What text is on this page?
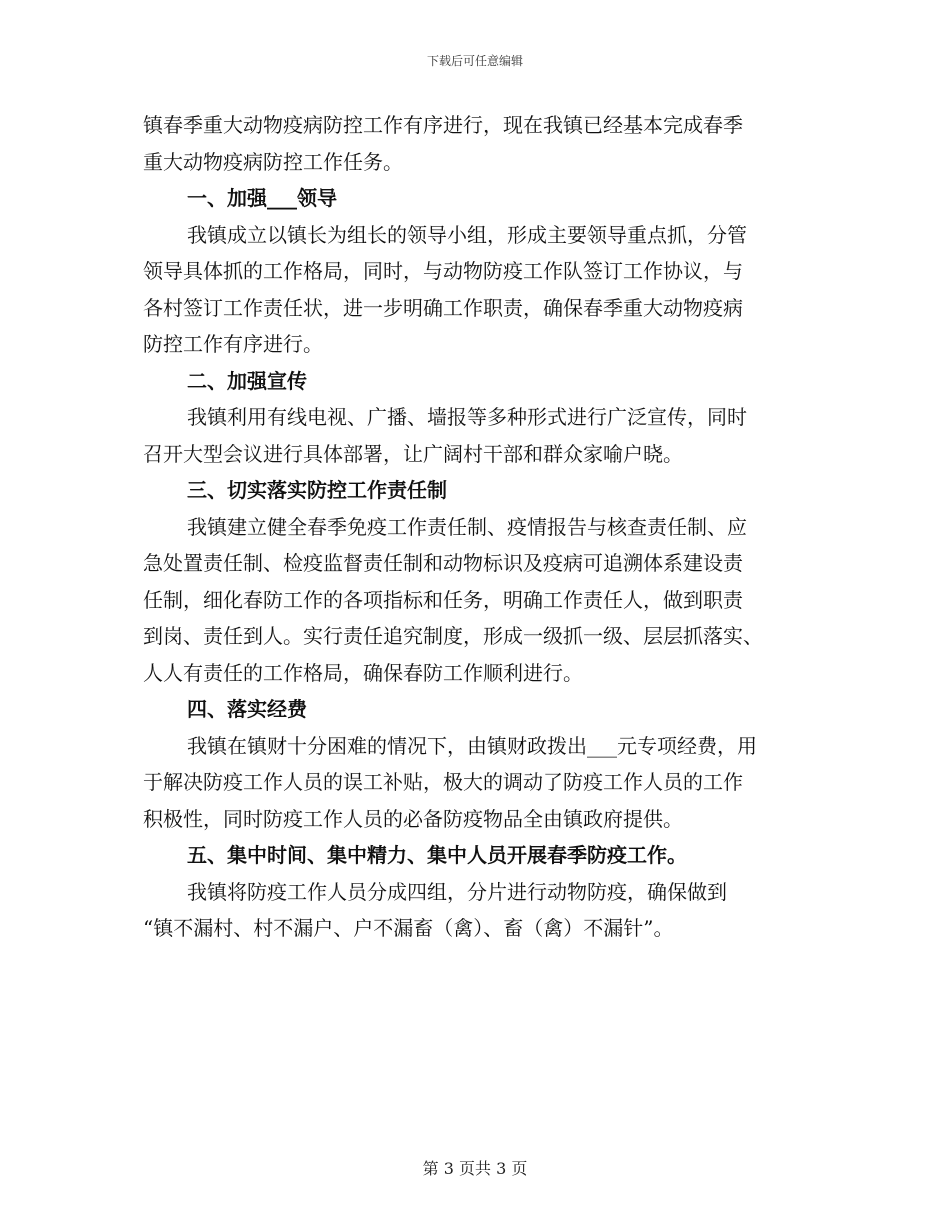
下载后可任意编辑
镇春季重大动物疫病防控工作有序进行，现在我镇已经基本完成春季
重大动物疫病防控工作任务。
一、加强___领导
我镇成立以镇长为组长的领导小组，形成主要领导重点抓，分管
领导具体抓的工作格局，同时，与动物防疫工作队签订工作协议，与
各村签订工作责任状，进一步明确工作职责，确保春季重大动物疫病
防控工作有序进行。
二、加强宣传
我镇利用有线电视、广播、墙报等多种形式进行广泛宣传，同时
召开大型会议进行具体部署，让广阔村干部和群众家喻户晓。
三、切实落实防控工作责任制
我镇建立健全春季免疫工作责任制、疫情报告与核查责任制、应
急处置责任制、检疫监督责任制和动物标识及疫病可追溯体系建设责
任制，细化春防工作的各项指标和任务，明确工作责任人，做到职责
到岗、责任到人。实行责任追究制度，形成一级抓一级、层层抓落实、
人人有责任的工作格局，确保春防工作顺利进行。
四、落实经费
我镇在镇财十分困难的情况下，由镇财政拨出___元专项经费，用
于解决防疫工作人员的误工补贴，极大的调动了防疫工作人员的工作
积极性，同时防疫工作人员的必备防疫物品全由镇政府提供。
五、集中时间、集中精力、集中人员开展春季防疫工作。
我镇将防疫工作人员分成四组，分片进行动物防疫，确保做到
“镇不漏村、村不漏户、户不漏畜（禽）、畜（禽）不漏针”。
第 3 页共 3 页
